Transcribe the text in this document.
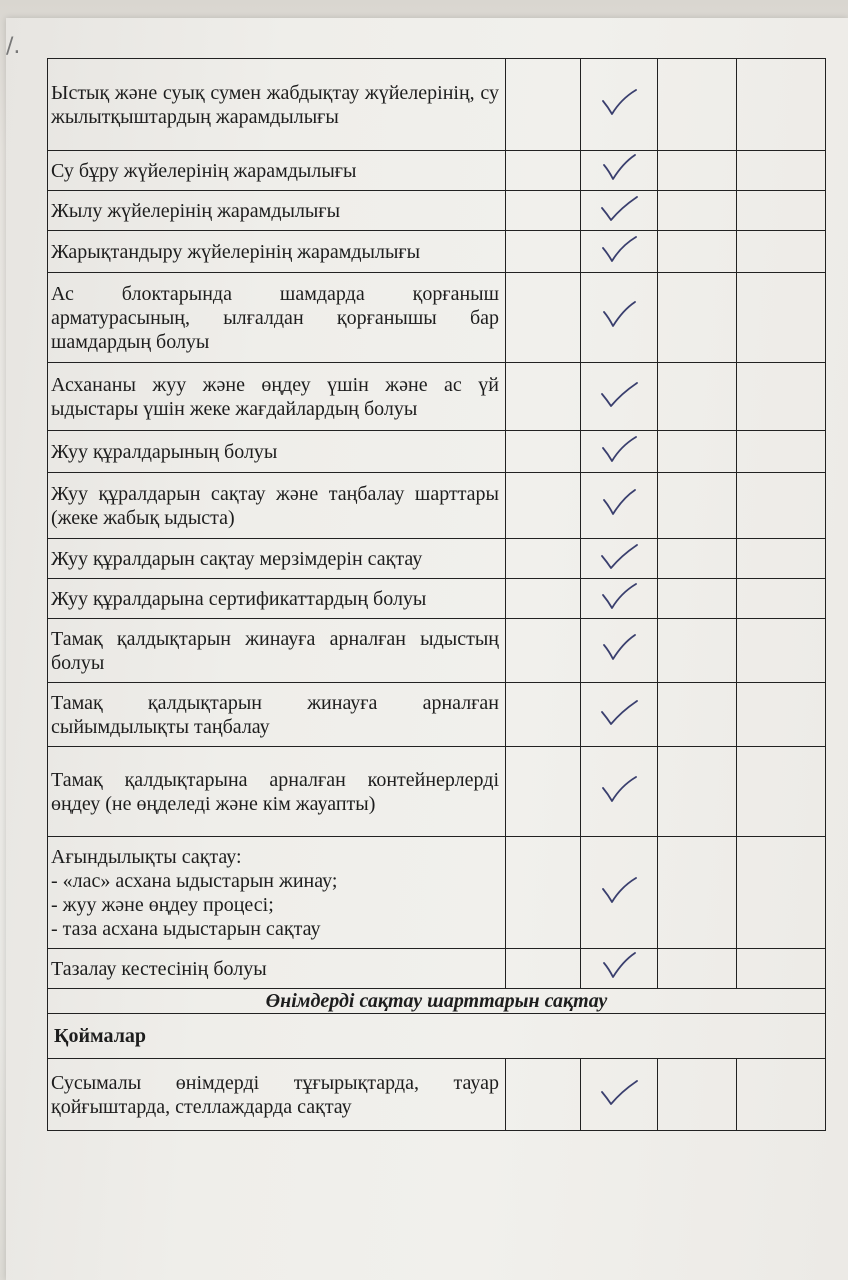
/.
Ыстық және суық сумен жабдықтау жүйелерінің, су жылытқыштардың жарамдылығы				
Су бұру жүйелерінің жарамдылығы				
Жылу жүйелерінің жарамдылығы				
Жарықтандыру жүйелерінің жарамдылығы				
Ас блоктарында шамдарда қорғаныш арматурасының, ылғалдан қорғанышы бар шамдардың болуы				
Асхананы жуу және өңдеу үшін және ас үй ыдыстары үшін жеке жағдайлардың болуы				
Жуу құралдарының болуы				
Жуу құралдарын сақтау және таңбалау шарттары (жеке жабық ыдыста)				
Жуу құралдарын сақтау мерзімдерін сақтау				
Жуу құралдарына сертификаттардың болуы				
Тамақ қалдықтарын жинауға арналған ыдыстың болуы				
Тамақ қалдықтарын жинауға арналған сыйымдылықты таңбалау				
Тамақ қалдықтарына арналған контейнерлерді өңдеу (не өңделеді және кім жауапты)				

Ағындылықты сақтау:
- «лас» асхана ыдыстарын жинау;
- жуу және өңдеу процесі;
- таза асхана ыдыстарын сақтау

Тазалау кестесінің болуы				
Өнімдерді сақтау шарттарын сақтау				
Қоймалар				
Сусымалы өнімдерді тұғырықтарда, тауар қойғыштарда, стеллаждарда сақтау				
